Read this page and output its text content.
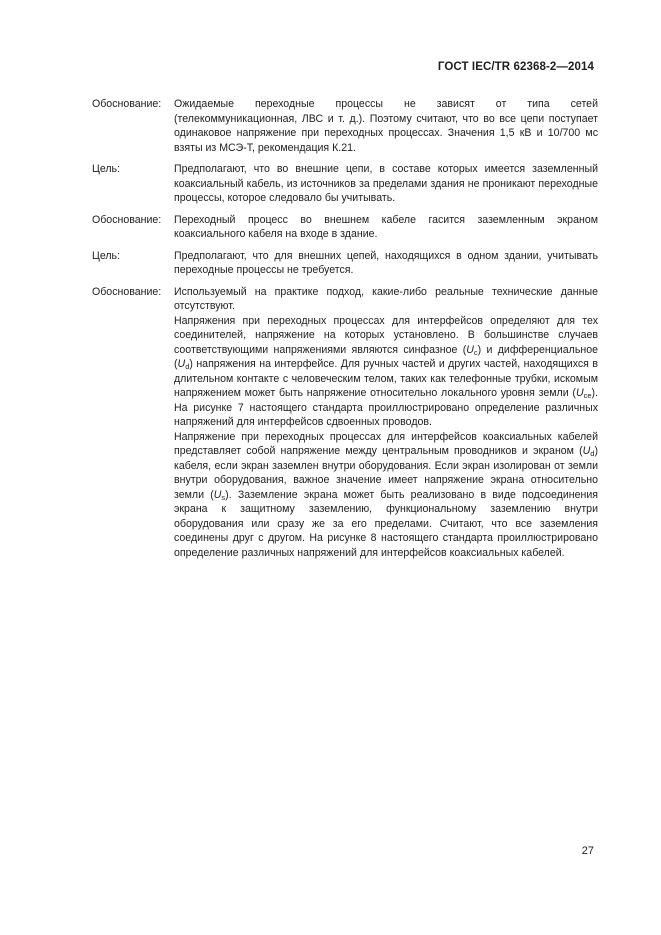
ГОСТ IEC/TR 62368-2—2014
Обоснование:	Ожидаемые переходные процессы не зависят от типа сетей (телекоммуникационная, ЛВС и т. д.). Поэтому считают, что во все цепи поступает одинаковое напряжение при переходных процессах. Значения 1,5 кВ и 10/700 мс взяты из МСЭ-Т, рекомендация К.21.
Цель:	Предполагают, что во внешние цепи, в составе которых имеется заземленный коаксиальный кабель, из источников за пределами здания не проникают переходные процессы, которое следовало бы учитывать.
Обоснование:	Переходный процесс во внешнем кабеле гасится заземленным экраном коаксиального кабеля на входе в здание.
Цель:	Предполагают, что для внешних цепей, находящихся в одном здании, учитывать переходные процессы не требуется.
Обоснование:	Используемый на практике подход, какие-либо реальные технические данные отсутствуют.

Напряжения при переходных процессах для интерфейсов определяют для тех соединителей, напряжение на которых установлено. В большинстве случаев соответствующими напряжениями являются синфазное $(U_c)$ и дифференциальное $(U_d)$ напряжения на интерфейсе. Для ручных частей и других частей, находящихся в длительном контакте с человеческим телом, таких как телефонные трубки, искомым напряжением может быть напряжение относительно локального уровня земли $(U_{ce})$. На рисунке 7 настоящего стандарта проиллюстрировано определение различных напряжений для интерфейсов сдвоенных проводов.

Напряжение при переходных процессах для интерфейсов коаксиальных кабелей представляет собой напряжение между центральным проводников и экраном $(U_d)$ кабеля, если экран заземлен внутри оборудования. Если экран изолирован от земли внутри оборудования, важное значение имеет напряжение экрана относительно земли $(U_s)$. Заземление экрана может быть реализовано в виде подсоединения экрана к защитному заземлению, функциональному заземлению внутри оборудования или сразу же за его пределами. Считают, что все заземления соединены друг с другом. На рисунке 8 настоящего стандарта проиллюстрировано определение различных напряжений для интерфейсов коаксиальных кабелей.

27
